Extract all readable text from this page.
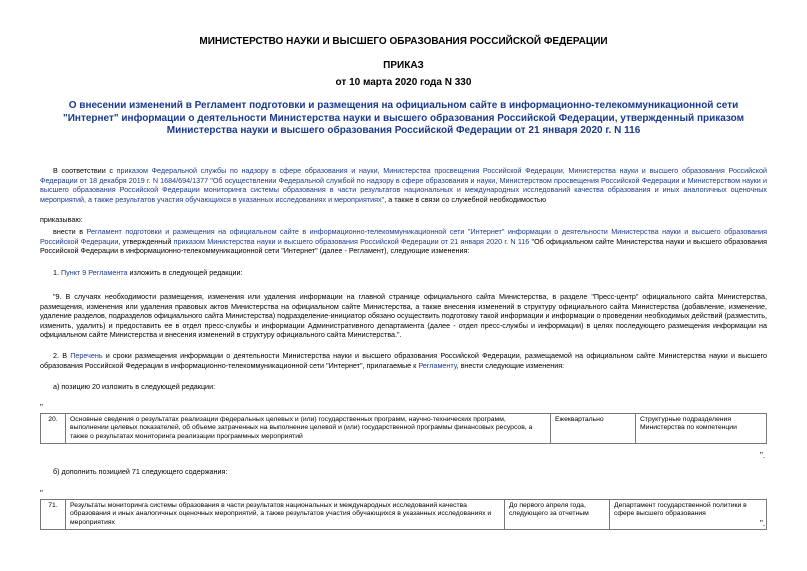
МИНИСТЕРСТВО НАУКИ И ВЫСШЕГО ОБРАЗОВАНИЯ РОССИЙСКОЙ ФЕДЕРАЦИИ
ПРИКАЗ
от 10 марта 2020 года N 330
О внесении изменений в Регламент подготовки и размещения на официальном сайте в информационно-телекоммуникационной сети "Интернет" информации о деятельности Министерства науки и высшего образования Российской Федерации, утвержденный приказом Министерства науки и высшего образования Российской Федерации от 21 января 2020 г. N 116
В соответствии с приказом Федеральной службы по надзору в сфере образования и науки, Министерства просвещения Российской Федерации, Министерства науки и высшего образования Российской Федерации от 18 декабря 2019 г. N 1684/694/1377 "Об осуществлении Федеральной службой по надзору в сфере образования и науки, Министерством просвещения Российской Федерации и Министерством науки и высшего образования Российской Федерации мониторинга системы образования в части результатов национальных и международных исследований качества образования и иных аналогичных оценочных мероприятий, а также результатов участия обучающихся в указанных исследованиях и мероприятиях", а также в связи со служебной необходимостью
приказываю:
внести в Регламент подготовки и размещения на официальном сайте в информационно-телекоммуникационной сети "Интернет" информации о деятельности Министерства науки и высшего образования Российской Федерации, утвержденный приказом Министерства науки и высшего образования Российской Федерации от 21 января 2020 г. N 116 "Об официальном сайте Министерства науки и высшего образования Российской Федерации в информационно-телекоммуникационной сети "Интернет" (далее - Регламент), следующие изменения:
1. Пункт 9 Регламента изложить в следующей редакции:
"9. В случаях необходимости размещения, изменения или удаления информации на главной странице официального сайта Министерства, в разделе "Пресс-центр" официального сайта Министерства, размещения, изменения или удаления правовых актов Министерства на официальном сайте Министерства, а также внесения изменений в структуру официального сайта Министерства (добавление, изменение, удаление разделов, подразделов официального сайта Министерства) подразделение-инициатор обязано осуществить подготовку такой информации и информации о проведении необходимых действий (разместить, изменить, удалить) и предоставить ее в отдел пресс-службы и информации Административного департамента (далее - отдел пресс-службы и информации) в целях последующего размещения информации на официальном сайте Министерства и внесения изменений в структуру официального сайта Министерства.".
2. В Перечень и сроки размещения информации о деятельности Министерства науки и высшего образования Российской Федерации, размещаемой на официальном сайте Министерства науки и высшего образования Российской Федерации в информационно-телекоммуникационной сети "Интернет", прилагаемые к Регламенту, внести следующие изменения:
а) позицию 20 изложить в следующей редакции:
"
20.	Основные сведения о результатах реализации федеральных целевых и (или) государственных программ, научно-технических программ, выполнении целевых показателей, об объеме затраченных на выполнение целевой и (или) государственной программы финансовых ресурсов, а также о результатах мониторинга реализации программных мероприятий	Ежеквартально	Структурные подразделения Министерства по компетенции
".
б) дополнить позицией 71 следующего содержания:
"
71.	Результаты мониторинга системы образования в части результатов национальных и международных исследований качества образования и иных аналогичных оценочных мероприятий, а также результатов участия обучающихся в указанных исследованиях и мероприятиях	До первого апреля года, следующего за отчетным	Департамент государственной политики в сфере высшего образования
".
